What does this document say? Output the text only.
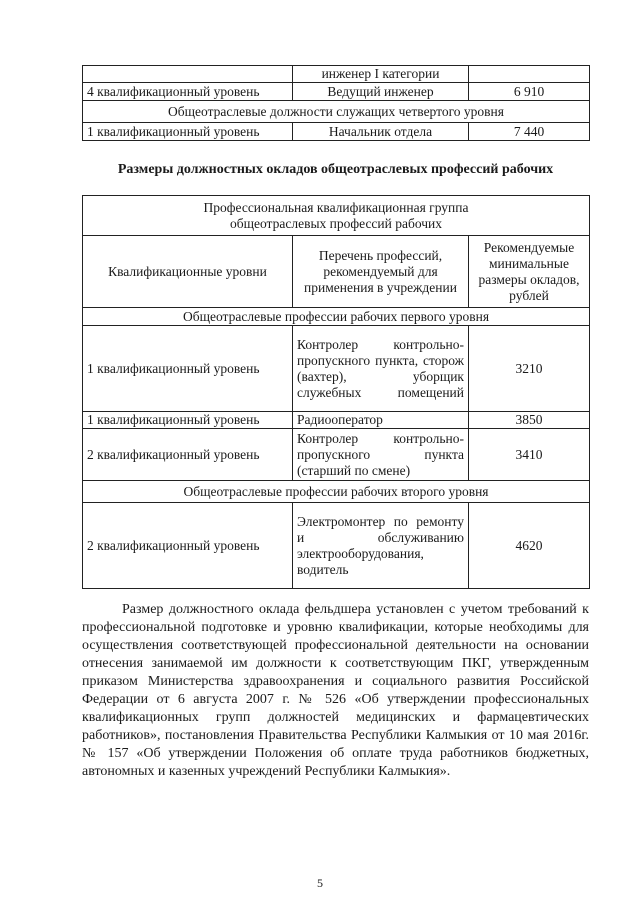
	инженер I категории	
4 квалификационный уровень	Ведущий инженер	6 910
Общеотраслевые должности служащих четвертого уровня		
1 квалификационный уровень	Начальник отдела	7 440

Размеры должностных окладов общеотраслевых профессий рабочих

Профессиональная квалификационная группа
общеотраслевых профессий рабочих		

Квалификационные уровни	Перечень профессий, рекомендуемый для применения в учреждении	Рекомендуемые минимальные размеры окладов, рублей
Общеотраслевые профессии рабочих первого уровня		
1 квалификационный уровень	Контролер контрольно-пропускного пункта, сторож (вахтер), уборщик служебных помещений	3210
1 квалификационный уровень	Радиооператор	3850
2 квалификационный уровень	Контролер контрольно-пропускного пункта (старший по смене)	3410
Общеотраслевые профессии рабочих второго уровня		
2 квалификационный уровень	Электромонтер по ремонту и обслуживанию электрооборудования, водитель	4620

Размер должностного оклада фельдшера установлен с учетом требований к профессиональной подготовке и уровню квалификации, которые необходимы для осуществления соответствующей профессиональной деятельности на основании отнесения занимаемой им должности к соответствующим ПКГ, утвержденным приказом Министерства здравоохранения и социального развития Российской Федерации от 6 августа 2007 г. № 526 «Об утверждении профессиональных квалификационных групп должностей медицинских и фармацевтических работников», постановления Правительства Республики Калмыкия от 10 мая 2016г. № 157 «Об утверждении Положения об оплате труда работников бюджетных, автономных и казенных учреждений Республики Калмыкия».

5
